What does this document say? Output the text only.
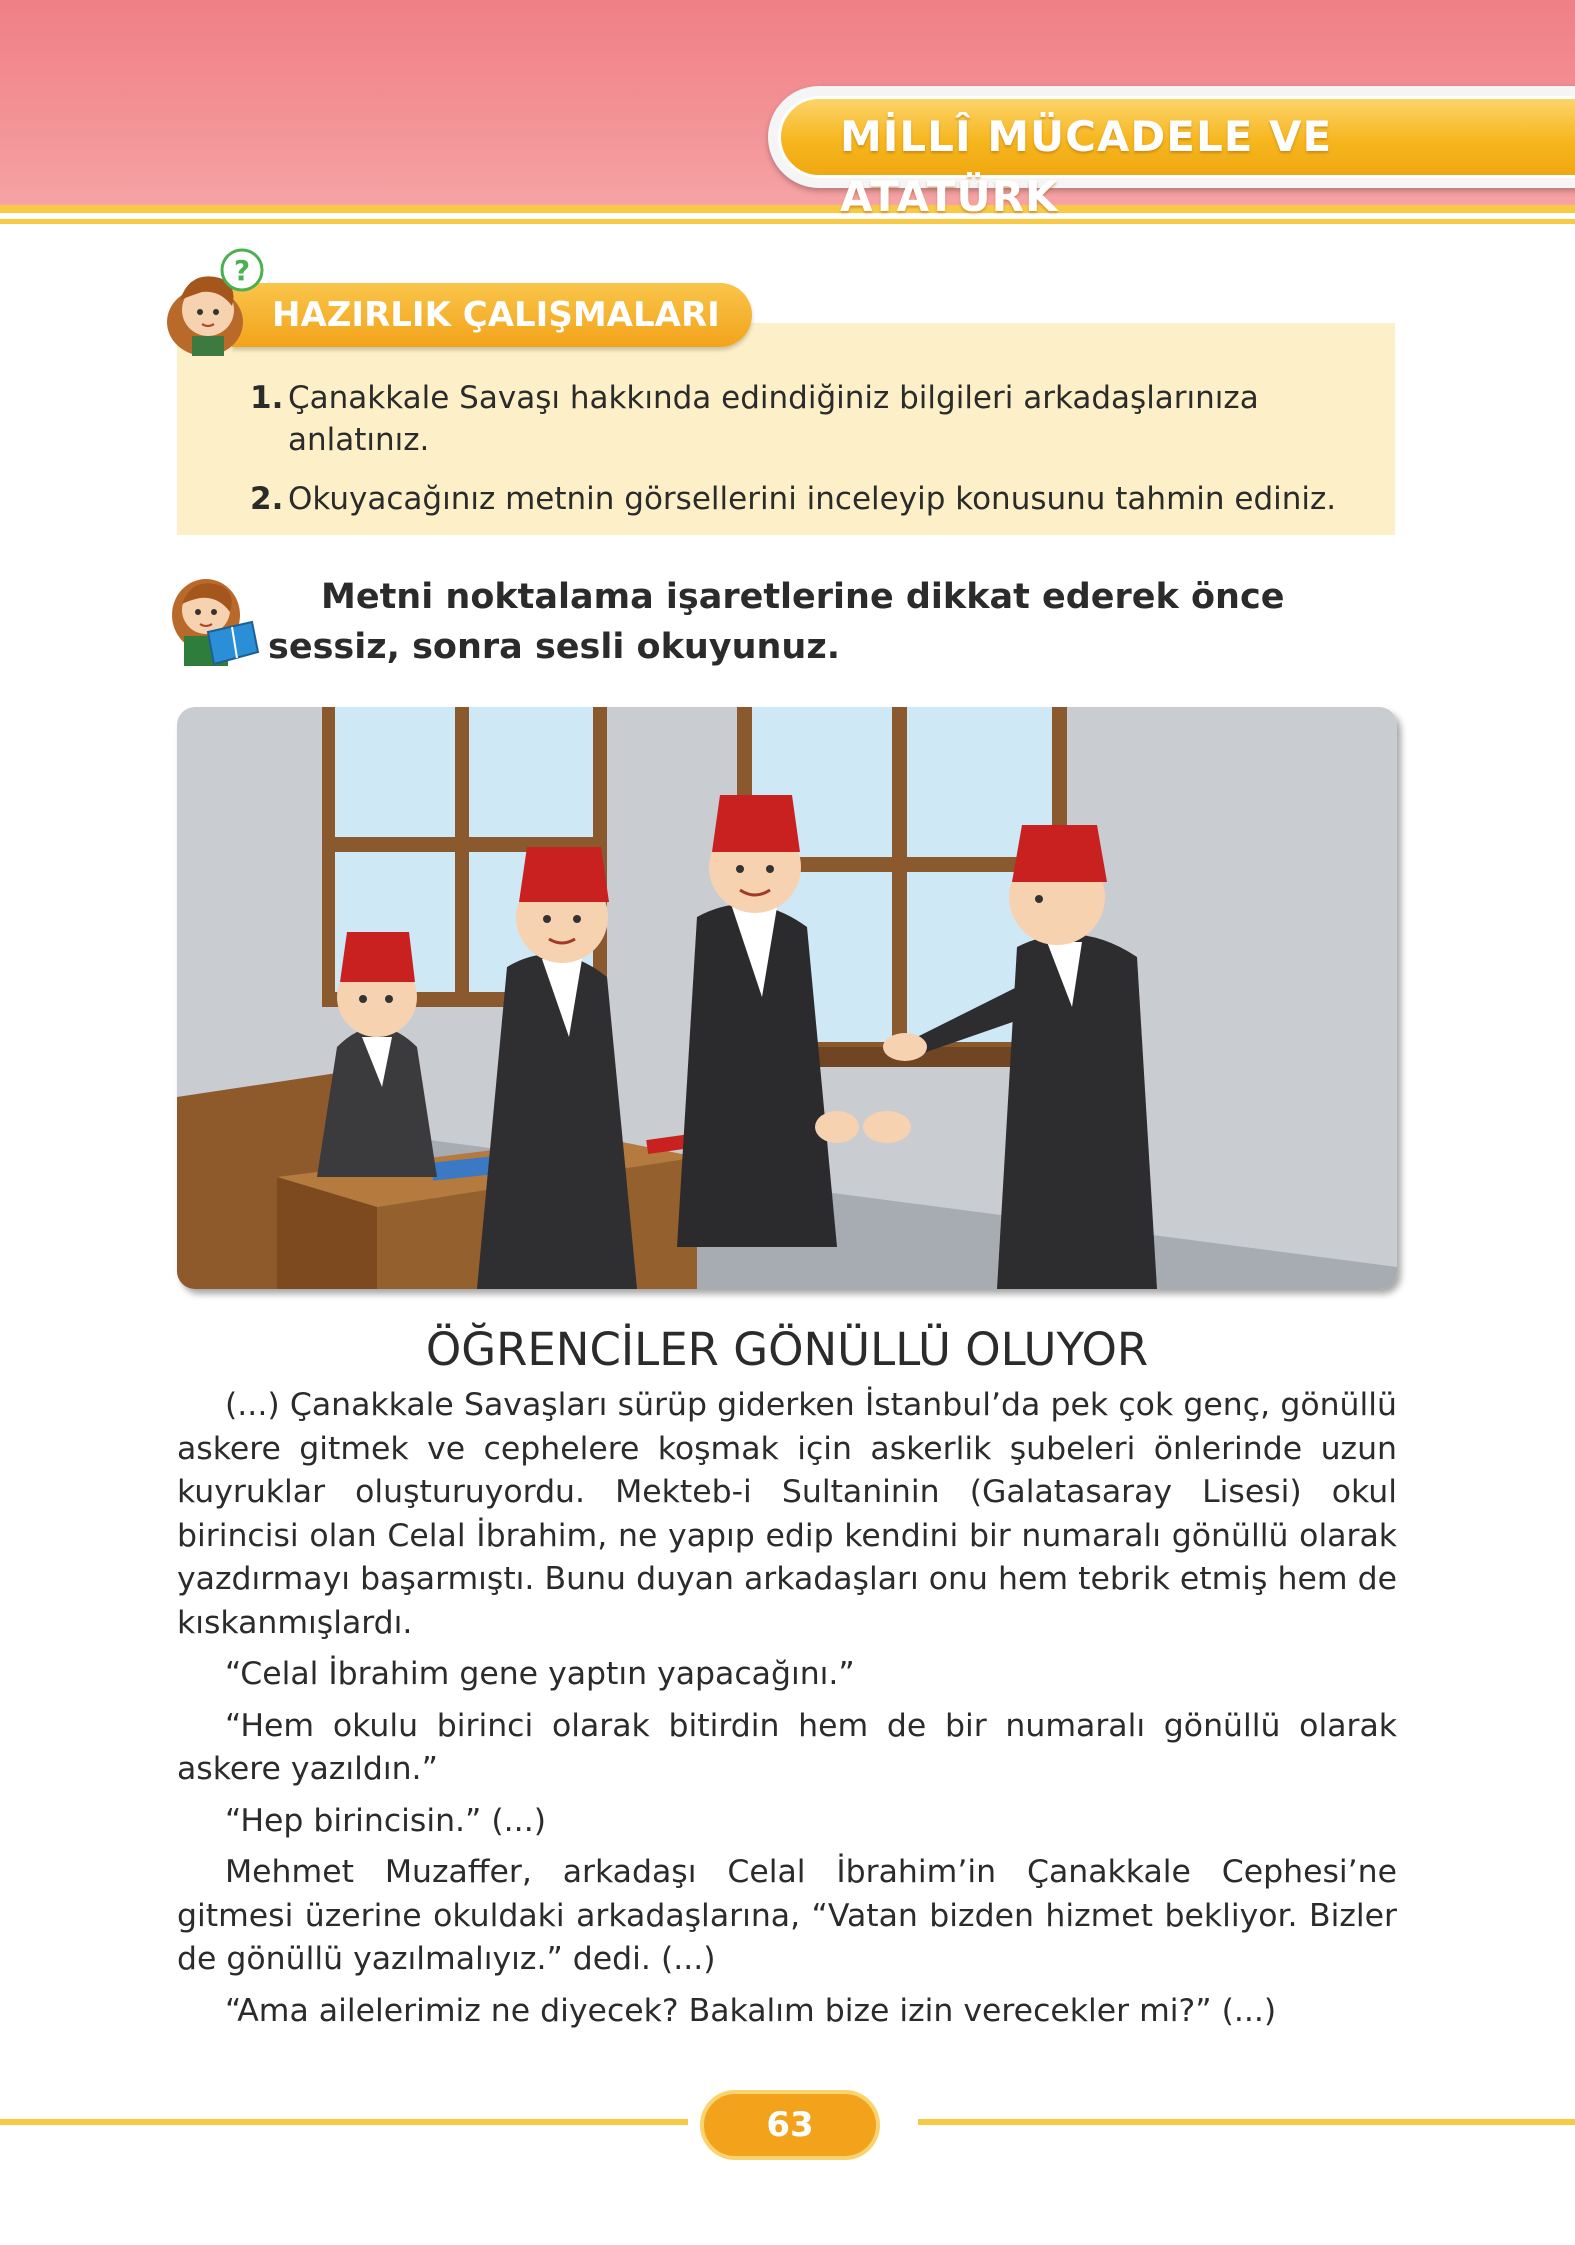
MİLLÎ MÜCADELE VE ATATÜRK
HAZIRLIK ÇALIŞMALARI
?
1. Çanakkale Savaşı hakkında edindiğiniz bilgileri arkadaşlarınıza anlatınız.
2. Okuyacağınız metnin görsellerini inceleyip konusunu tahmin ediniz.
Metni noktalama işaretlerine dikkat ederek önce sessiz, sonra sesli okuyunuz.
ÖĞRENCİLER GÖNÜLLÜ OLUYOR

(...) Çanakkale Savaşları sürüp giderken İstanbul’da pek çok genç, gönüllü askere gitmek ve cephelere koşmak için askerlik şubeleri önlerinde uzun kuyruklar oluşturuyordu. Mekteb-i Sultaninin (Galatasaray Lisesi) okul birincisi olan Celal İbrahim, ne yapıp edip kendini bir numaralı gönüllü olarak yazdırmayı başarmıştı. Bunu duyan arkadaşları onu hem tebrik etmiş hem de kıskanmışlardı.

“Celal İbrahim gene yaptın yapacağını.”

“Hem okulu birinci olarak bitirdin hem de bir numaralı gönüllü olarak askere yazıldın.”

“Hep birincisin.” (...)

Mehmet Muzaffer, arkadaşı Celal İbrahim’in Çanakkale Cephesi’ne gitmesi üzerine okuldaki arkadaşlarına, “Vatan bizden hizmet bekliyor. Bizler de gönüllü yazılmalıyız.” dedi. (...)

“Ama ailelerimiz ne diyecek? Bakalım bize izin verecekler mi?” (...)

63
